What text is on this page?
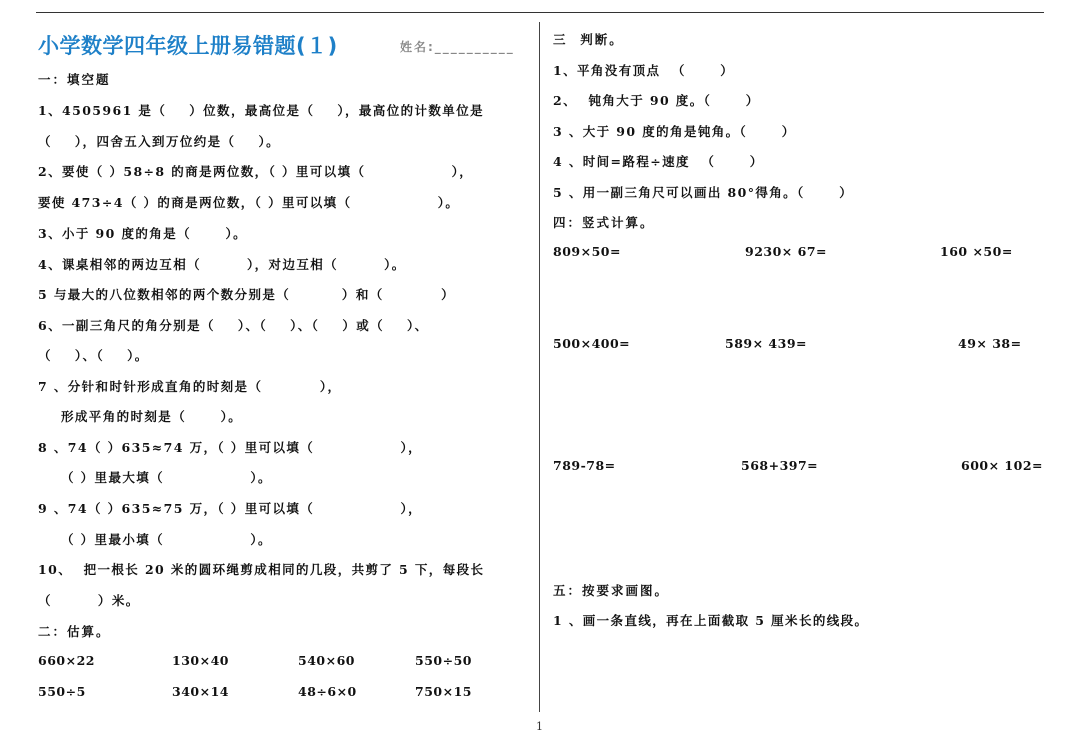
小学数学四年级上册易错题(１)	姓名:__________
一：填空题
1、4505961 是（    ）位数，最高位是（    ），最高位的计数单位是
（    ），四舍五入到万位约是（    ）。
2、要使（ ）58÷8 的商是两位数，（ ）里可以填（               ），
要使 473÷4（ ）的商是两位数，（ ）里可以填（               ）。
3、小于 90 度的角是（      ）。
4、课桌相邻的两边互相（        ），对边互相（        ）。
5 与最大的八位数相邻的两个数分别是（         ）和（          ）
6、一副三角尺的角分别是（    ）、（    ）、（    ）或（    ）、
（    ）、（    ）。
7 、分针和时针形成直角的时刻是（          ），
形成平角的时刻是（      ）。
8 、74（ ）635≈74 万，（ ）里可以填（               ），
（ ）里最大填（               ）。
9 、74（ ）635≈75 万，（ ）里可以填（               ），
（ ）里最小填（               ）。
10、  把一根长 20 米的圆环绳剪成相同的几段，共剪了 5 下，每段长
（        ）米。
二：估算。
660×22	130×40	540×60	550÷50
550÷5	340×14	48÷6×0	750×15
三  判断。
1、平角没有顶点  （      ）
2、  钝角大于 90 度。（      ）
3 、大于 90 度的角是钝角。（      ）
4 、时间=路程÷速度  （      ）
5 、用一副三角尺可以画出 80°得角。（      ）
四：竖式计算。
809×50=	9230× 67=	160 ×50=
500×400=	589× 439=	49× 38=
789-78=	568+397=	600× 102=
五：按要求画图。
1 、画一条直线，再在上面截取 5 厘米长的线段。
1
